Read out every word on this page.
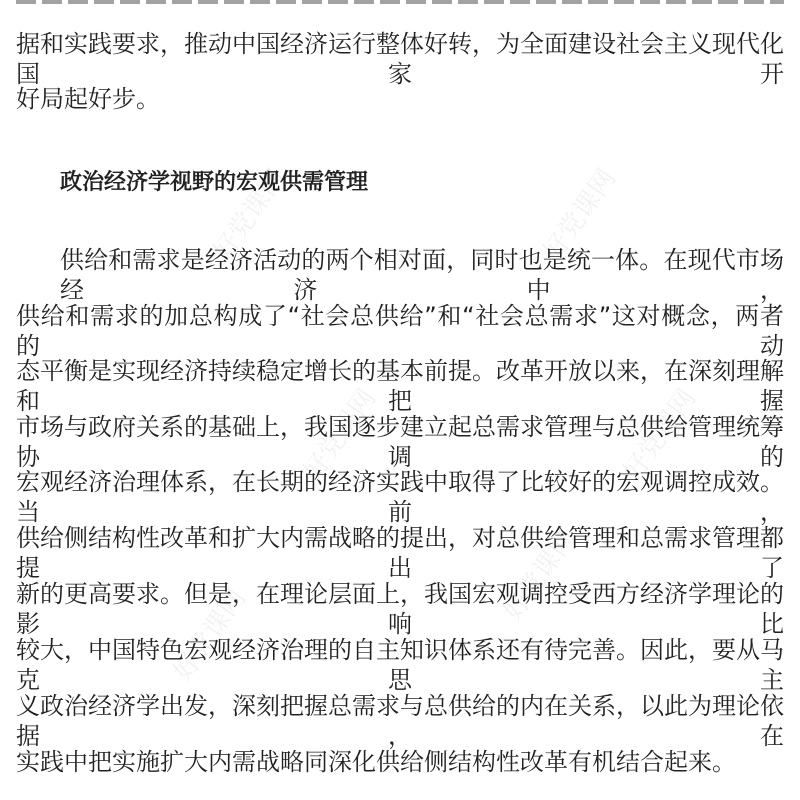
好党课网	好党课网
好党课网	好党课网
好党课网
好党课网
据和实践要求，推动中国经济运行整体好转，为全面建设社会主义现代化国家开
好局起好步。
政治经济学视野的宏观供需管理
供给和需求是经济活动的两个相对面，同时也是统一体。在现代市场经济中，
供给和需求的加总构成了“社会总供给”和“社会总需求”这对概念，两者的动
态平衡是实现经济持续稳定增长的基本前提。改革开放以来，在深刻理解和把握
市场与政府关系的基础上，我国逐步建立起总需求管理与总供给管理统筹协调的
宏观经济治理体系，在长期的经济实践中取得了比较好的宏观调控成效。当前，
供给侧结构性改革和扩大内需战略的提出，对总供给管理和总需求管理都提出了
新的更高要求。但是，在理论层面上，我国宏观调控受西方经济学理论的影响比
较大，中国特色宏观经济治理的自主知识体系还有待完善。因此，要从马克思主
义政治经济学出发，深刻把握总需求与总供给的内在关系，以此为理论依据，在
实践中把实施扩大内需战略同深化供给侧结构性改革有机结合起来。
